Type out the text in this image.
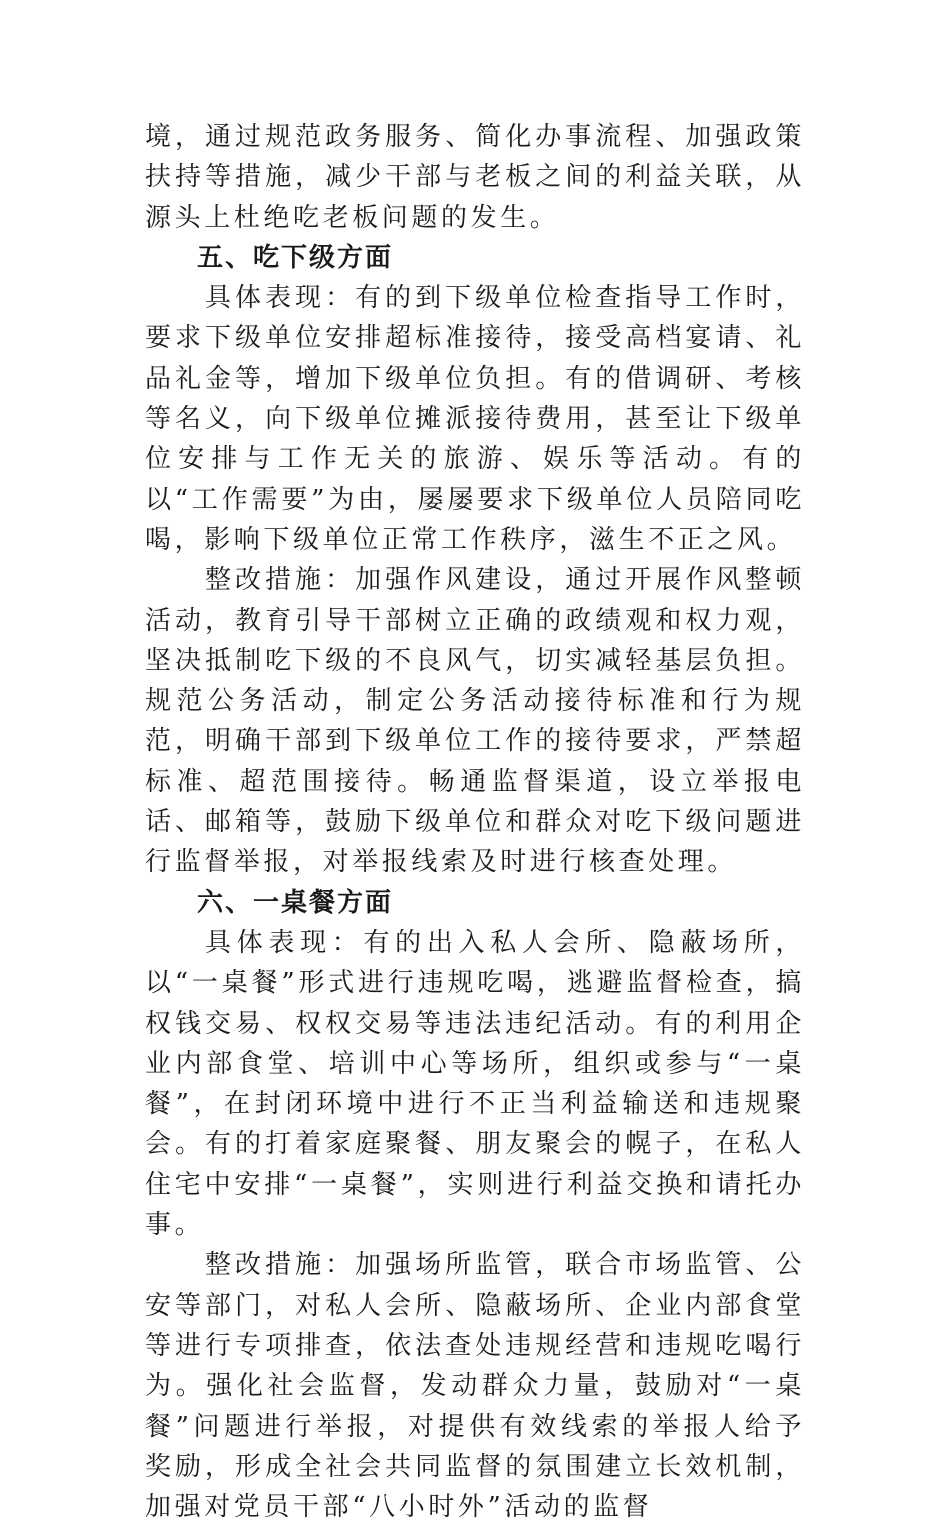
境，通过规范政务服务、简化办事流程、加强政策扶持等措施，减少干部与老板之间的利益关联，从源头上杜绝吃老板问题的发生。

五、吃下级方面

具体表现：有的到下级单位检查指导工作时，要求下级单位安排超标准接待，接受高档宴请、礼品礼金等，增加下级单位负担。有的借调研、考核等名义，向下级单位摊派接待费用，甚至让下级单位安排与工作无关的旅游、娱乐等活动。有的以“工作需要”为由，屡屡要求下级单位人员陪同吃喝，影响下级单位正常工作秩序，滋生不正之风。

整改措施：加强作风建设，通过开展作风整顿活动，教育引导干部树立正确的政绩观和权力观，坚决抵制吃下级的不良风气，切实减轻基层负担。规范公务活动，制定公务活动接待标准和行为规范，明确干部到下级单位工作的接待要求，严禁超标准、超范围接待。畅通监督渠道，设立举报电话、邮箱等，鼓励下级单位和群众对吃下级问题进行监督举报，对举报线索及时进行核查处理。

六、一桌餐方面

具体表现：有的出入私人会所、隐蔽场所，以“一桌餐”形式进行违规吃喝，逃避监督检查，搞权钱交易、权权交易等违法违纪活动。有的利用企业内部食堂、培训中心等场所，组织或参与“一桌餐”，在封闭环境中进行不正当利益输送和违规聚会。有的打着家庭聚餐、朋友聚会的幌子，在私人住宅中安排“一桌餐”，实则进行利益交换和请托办事。

整改措施：加强场所监管，联合市场监管、公安等部门，对私人会所、隐蔽场所、企业内部食堂等进行专项排查，依法查处违规经营和违规吃喝行为。强化社会监督，发动群众力量，鼓励对“一桌餐”问题进行举报，对提供有效线索的举报人给予奖励，形成全社会共同监督的氛围建立长效机制，加强对党员干部“八小时外”活动的监督
